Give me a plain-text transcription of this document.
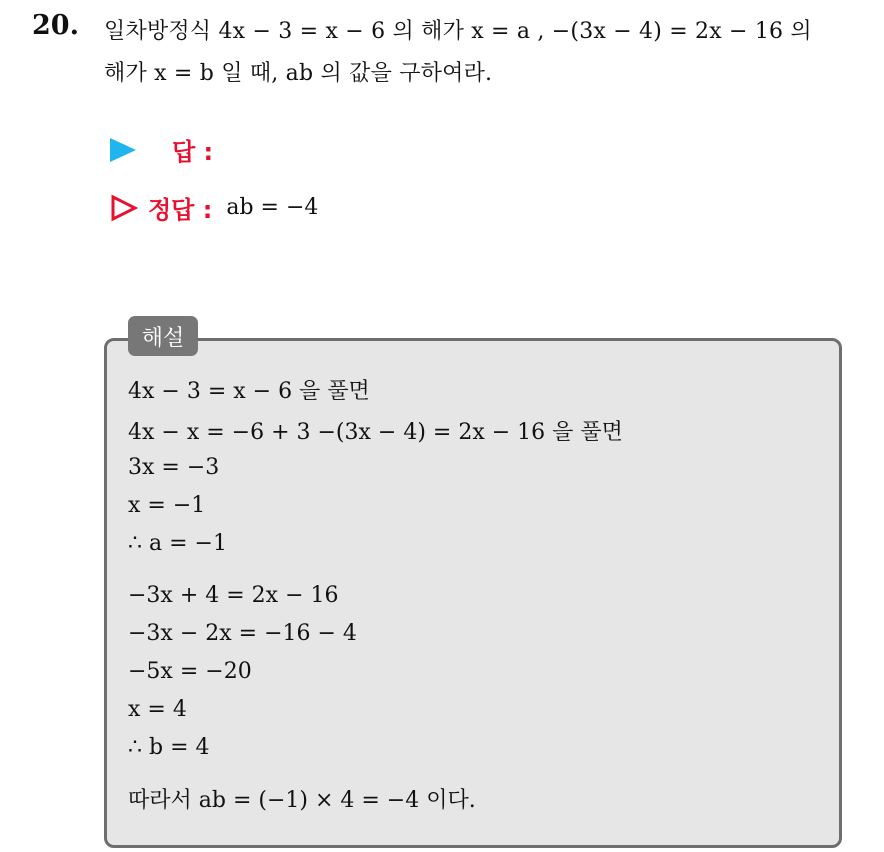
20. 일차방정식 4x − 3 = x − 6 의 해가 x = a , −(3x − 4) = 2x − 16 의
해가 x = b 일 때, ab 의 값을 구하여라.
답 :
정답 : ab = −4
해설
4x − 3 = x − 6 을 풀면
4x − x = −6 + 3 −(3x − 4) = 2x − 16 을 풀면
3x = −3
x = −1
∴ a = −1
−3x + 4 = 2x − 16
−3x − 2x = −16 − 4
−5x = −20
x = 4
∴ b = 4
따라서 ab = (−1) × 4 = −4 이다.
